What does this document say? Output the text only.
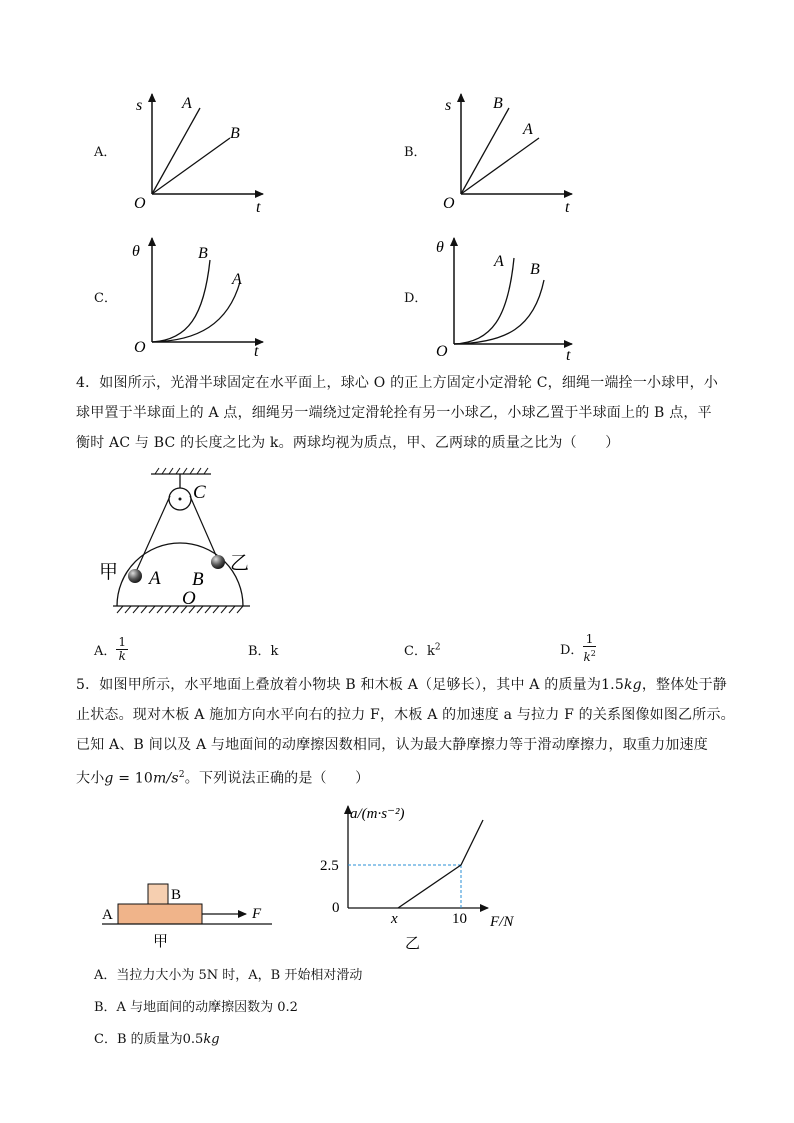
A．
s
t
O
A
B
B．
s
t
O
B
A
C．
θ
t
O
B
A
D．
θ
t
O
A B

4．如图所示，光滑半球固定在水平面上，球心 O 的正上方固定小定滑轮 C，细绳一端拴一小球甲，小

球甲置于半球面上的 A 点，细绳另一端绕过定滑轮拴有另一小球乙，小球乙置于半球面上的 B 点，平

衡时 AC 与 BC 的长度之比为 k。两球均视为质点，甲、乙两球的质量之比为（　　）

C
甲	乙
A B
O
A． $\frac{1}{k}$	B．k	C．$k^2$	D． $\frac{1}{k^2}$

5．如图甲所示，水平地面上叠放着小物块 B 和木板 A（足够长），其中 A 的质量为1.5kg，整体处于静

止状态。现对木板 A 施加方向水平向右的拉力 F，木板 A 的加速度 a 与拉力 F 的关系图像如图乙所示。

已知 A、B 间以及 A 与地面间的动摩擦因数相同，认为最大静摩擦力等于滑动摩擦力，取重力加速度

大小$g = 10m/s^2$。下列说法正确的是（　　）

B
A	F
甲
a/(m·s⁻²)
F/N
2.5
0
x	10
乙
A．当拉力大小为 5N 时，A，B 开始相对滑动
B．A 与地面间的动摩擦因数为 0.2
C．B 的质量为0.5kg
